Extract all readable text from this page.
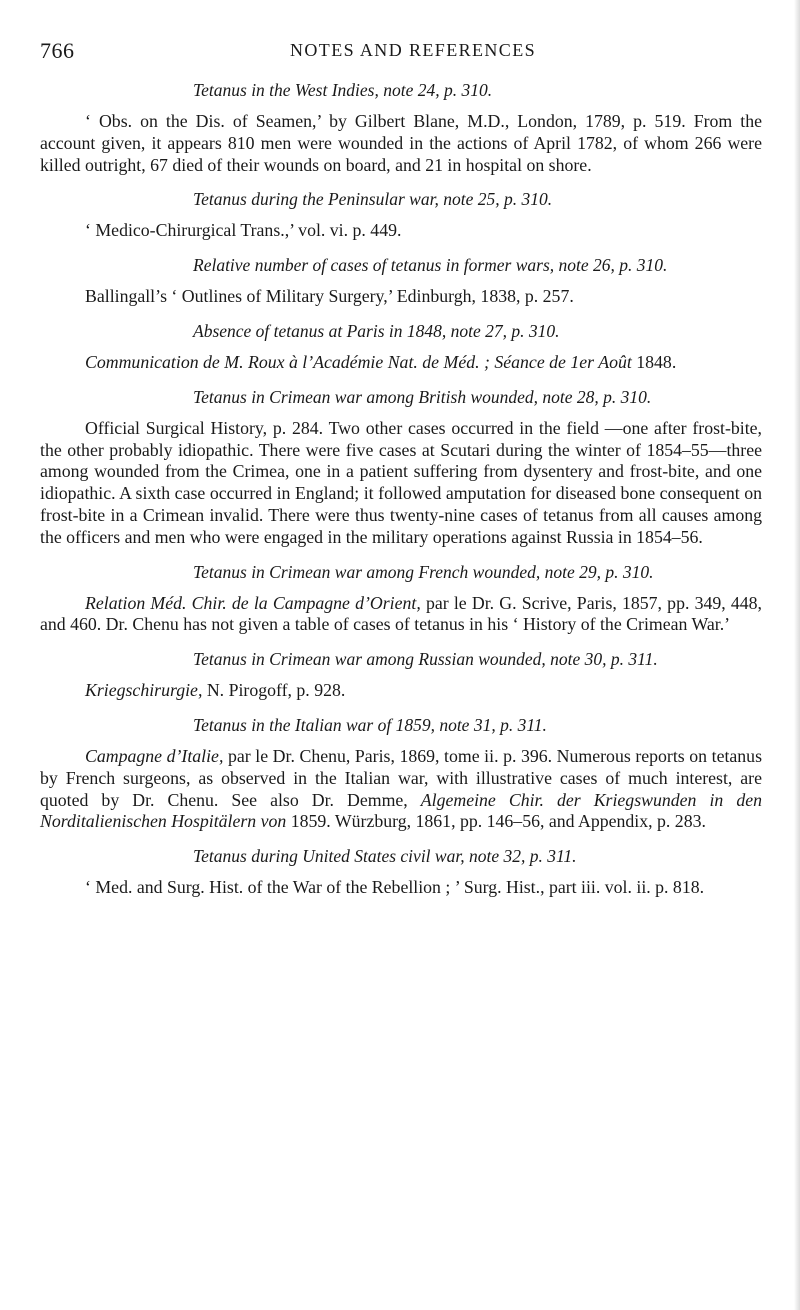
766	NOTES AND REFERENCES

Tetanus in the West Indies, note 24, p. 310.

‘ Obs. on the Dis. of Seamen,’ by Gilbert Blane, M.D., London, 1789, p. 519. From the account given, it appears 810 men were wounded in the actions of April 1782, of whom 266 were killed outright, 67 died of their wounds on board, and 21 in hospital on shore.

Tetanus during the Peninsular war, note 25, p. 310.

‘ Medico-Chirurgical Trans.,’ vol. vi. p. 449.

Relative number of cases of tetanus in former wars, note 26, p. 310.

Ballingall’s ‘ Outlines of Military Surgery,’ Edinburgh, 1838, p. 257.

Absence of tetanus at Paris in 1848, note 27, p. 310.

Communication de M. Roux à l’Académie Nat. de Méd. ; Séance de 1er Août 1848.

Tetanus in Crimean war among British wounded, note 28, p. 310.

Official Surgical History, p. 284. Two other cases occurred in the field —one after frost-bite, the other probably idiopathic. There were five cases at Scutari during the winter of 1854–55—three among wounded from the Crimea, one in a patient suffering from dysentery and frost-bite, and one idiopathic. A sixth case occurred in England; it followed amputation for diseased bone consequent on frost-bite in a Crimean invalid. There were thus twenty-nine cases of tetanus from all causes among the officers and men who were engaged in the military operations against Russia in 1854–56.

Tetanus in Crimean war among French wounded, note 29, p. 310.

Relation Méd. Chir. de la Campagne d’Orient, par le Dr. G. Scrive, Paris, 1857, pp. 349, 448, and 460. Dr. Chenu has not given a table of cases of tetanus in his ‘ History of the Crimean War.’

Tetanus in Crimean war among Russian wounded, note 30, p. 311.

Kriegschirurgie, N. Pirogoff, p. 928.

Tetanus in the Italian war of 1859, note 31, p. 311.

Campagne d’Italie, par le Dr. Chenu, Paris, 1869, tome ii. p. 396. Numerous reports on tetanus by French surgeons, as observed in the Italian war, with illustrative cases of much interest, are quoted by Dr. Chenu. See also Dr. Demme, Algemeine Chir. der Kriegswunden in den Norditalienischen Hospitälern von 1859. Würzburg, 1861, pp. 146–56, and Appendix, p. 283.

Tetanus during United States civil war, note 32, p. 311.

‘ Med. and Surg. Hist. of the War of the Rebellion ; ’ Surg. Hist., part iii. vol. ii. p. 818.
